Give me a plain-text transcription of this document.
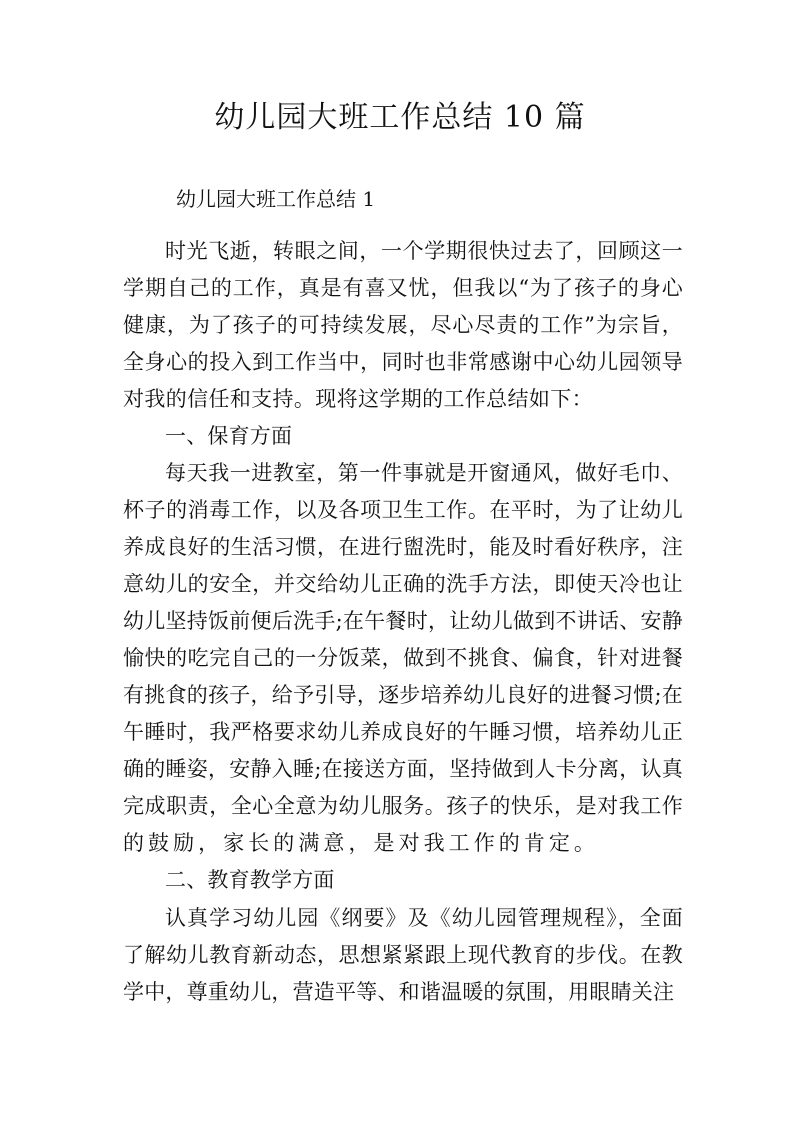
幼儿园大班工作总结 10 篇
幼儿园大班工作总结 1

时光飞逝，转眼之间，一个学期很快过去了，回顾这一学期自己的工作，真是有喜又忧，但我以“为了孩子的身心健康，为了孩子的可持续发展，尽心尽责的工作”为宗旨，全身心的投入到工作当中，同时也非常感谢中心幼儿园领导对我的信任和支持。现将这学期的工作总结如下：一、保育方面

每天我一进教室，第一件事就是开窗通风，做好毛巾、杯子的消毒工作，以及各项卫生工作。在平时，为了让幼儿养成良好的生活习惯，在进行盥洗时，能及时看好秩序，注意幼儿的安全，并交给幼儿正确的洗手方法，即使天冷也让幼儿坚持饭前便后洗手;在午餐时，让幼儿做到不讲话、安静愉快的吃完自己的一分饭菜，做到不挑食、偏食，针对进餐有挑食的孩子，给予引导，逐步培养幼儿良好的进餐习惯;在午睡时，我严格要求幼儿养成良好的午睡习惯，培养幼儿正确的睡姿，安静入睡;在接送方面，坚持做到人卡分离，认真完成职责，全心全意为幼儿服务。孩子的快乐，是对我工作的鼓励，家长的满意，是对我工作的肯定。二、教育教学方面

认真学习幼儿园《纲要》及《幼儿园管理规程》，全面了解幼儿教育新动态，思想紧紧跟上现代教育的步伐。在教学中，尊重幼儿，营造平等、和谐温暖的氛围，用眼睛关注
